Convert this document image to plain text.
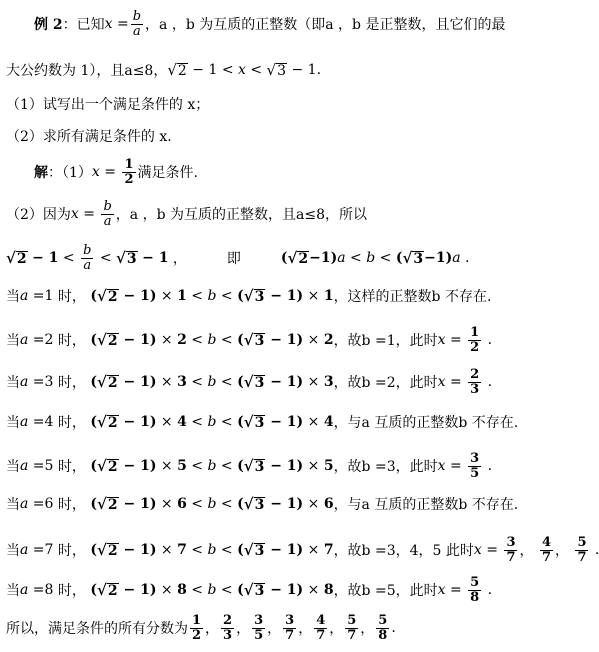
例 2 ： 已知 $x = \frac{b}{a}$ ，a ，b 为互质的正整数（即a ，b 是正整数，且它们的最
大公约数为 1），且a≤8， √ 2 − 1 < x < √ 3 − 1 .
（1）试写出一个满足条件的 x；
（2）求所有满足条件的 x.
解 ：（1） $x = \frac{1}{2}$ 满足条件.
（2）因为 $x = \frac{b}{a}$ ，a ，b 为互质的正整数，且a≤8，所以
√ 2
− $1 < \frac{b}{a}$ < √ 3
− 1 ，	即	( √ 2 −1) a < b < ( √ 3 −1) a .
当 a = 1 时， ( √ 2 − 1) × 1 < b < ( √ 3 − 1) × 1 ，这样的正整数b 不存在.
当 a = 2 时， ( √ 2 − 1) × 2 < b < ( √ 3 − 1) × 2 ，故b =1，此时 $x = \frac{1}{2}$ .
当 a = 3 时， ( √ 2 − 1) × 3 < b < ( √ 3 − 1) × 3 ，故b =2，此时 $x = \frac{2}{3}$ .
当 a = 4 时， ( √ 2 − 1) × 4 < b < ( √ 3 − 1) × 4 ，与a 互质的正整数b 不存在.
当 a = 5 时， ( √ 2 − 1) × 5 < b < ( √ 3 − 1) × 5 ，故b =3，此时 $x = \frac{3}{5}$ .
当 a = 6 时， ( √ 2 − 1) × 6 < b < ( √ 3 − 1) × 6 ，与a 互质的正整数b 不存在.
当 a = 7 时， ( √ 2 − 1) × 7 < b < ( √ 3 − 1) × 7 ，故b =3，4，5 此时 $x = \frac{3}{7}$ ， $\frac{4}{7}$ ， $\frac{5}{7}$ .
当 a = 8 时， ( √ 2 − 1) × 8 < b < ( √ 3 − 1) × 8 ，故b =5，此时 $x = \frac{5}{8}$ .
所以，满足条件的所有分数为 $\frac{1}{2}$ ， $\frac{2}{3}$ ， $\frac{3}{5}$ ， $\frac{3}{7}$ ， $\frac{4}{7}$ ， $\frac{5}{7}$ ， $\frac{5}{8}$ .
